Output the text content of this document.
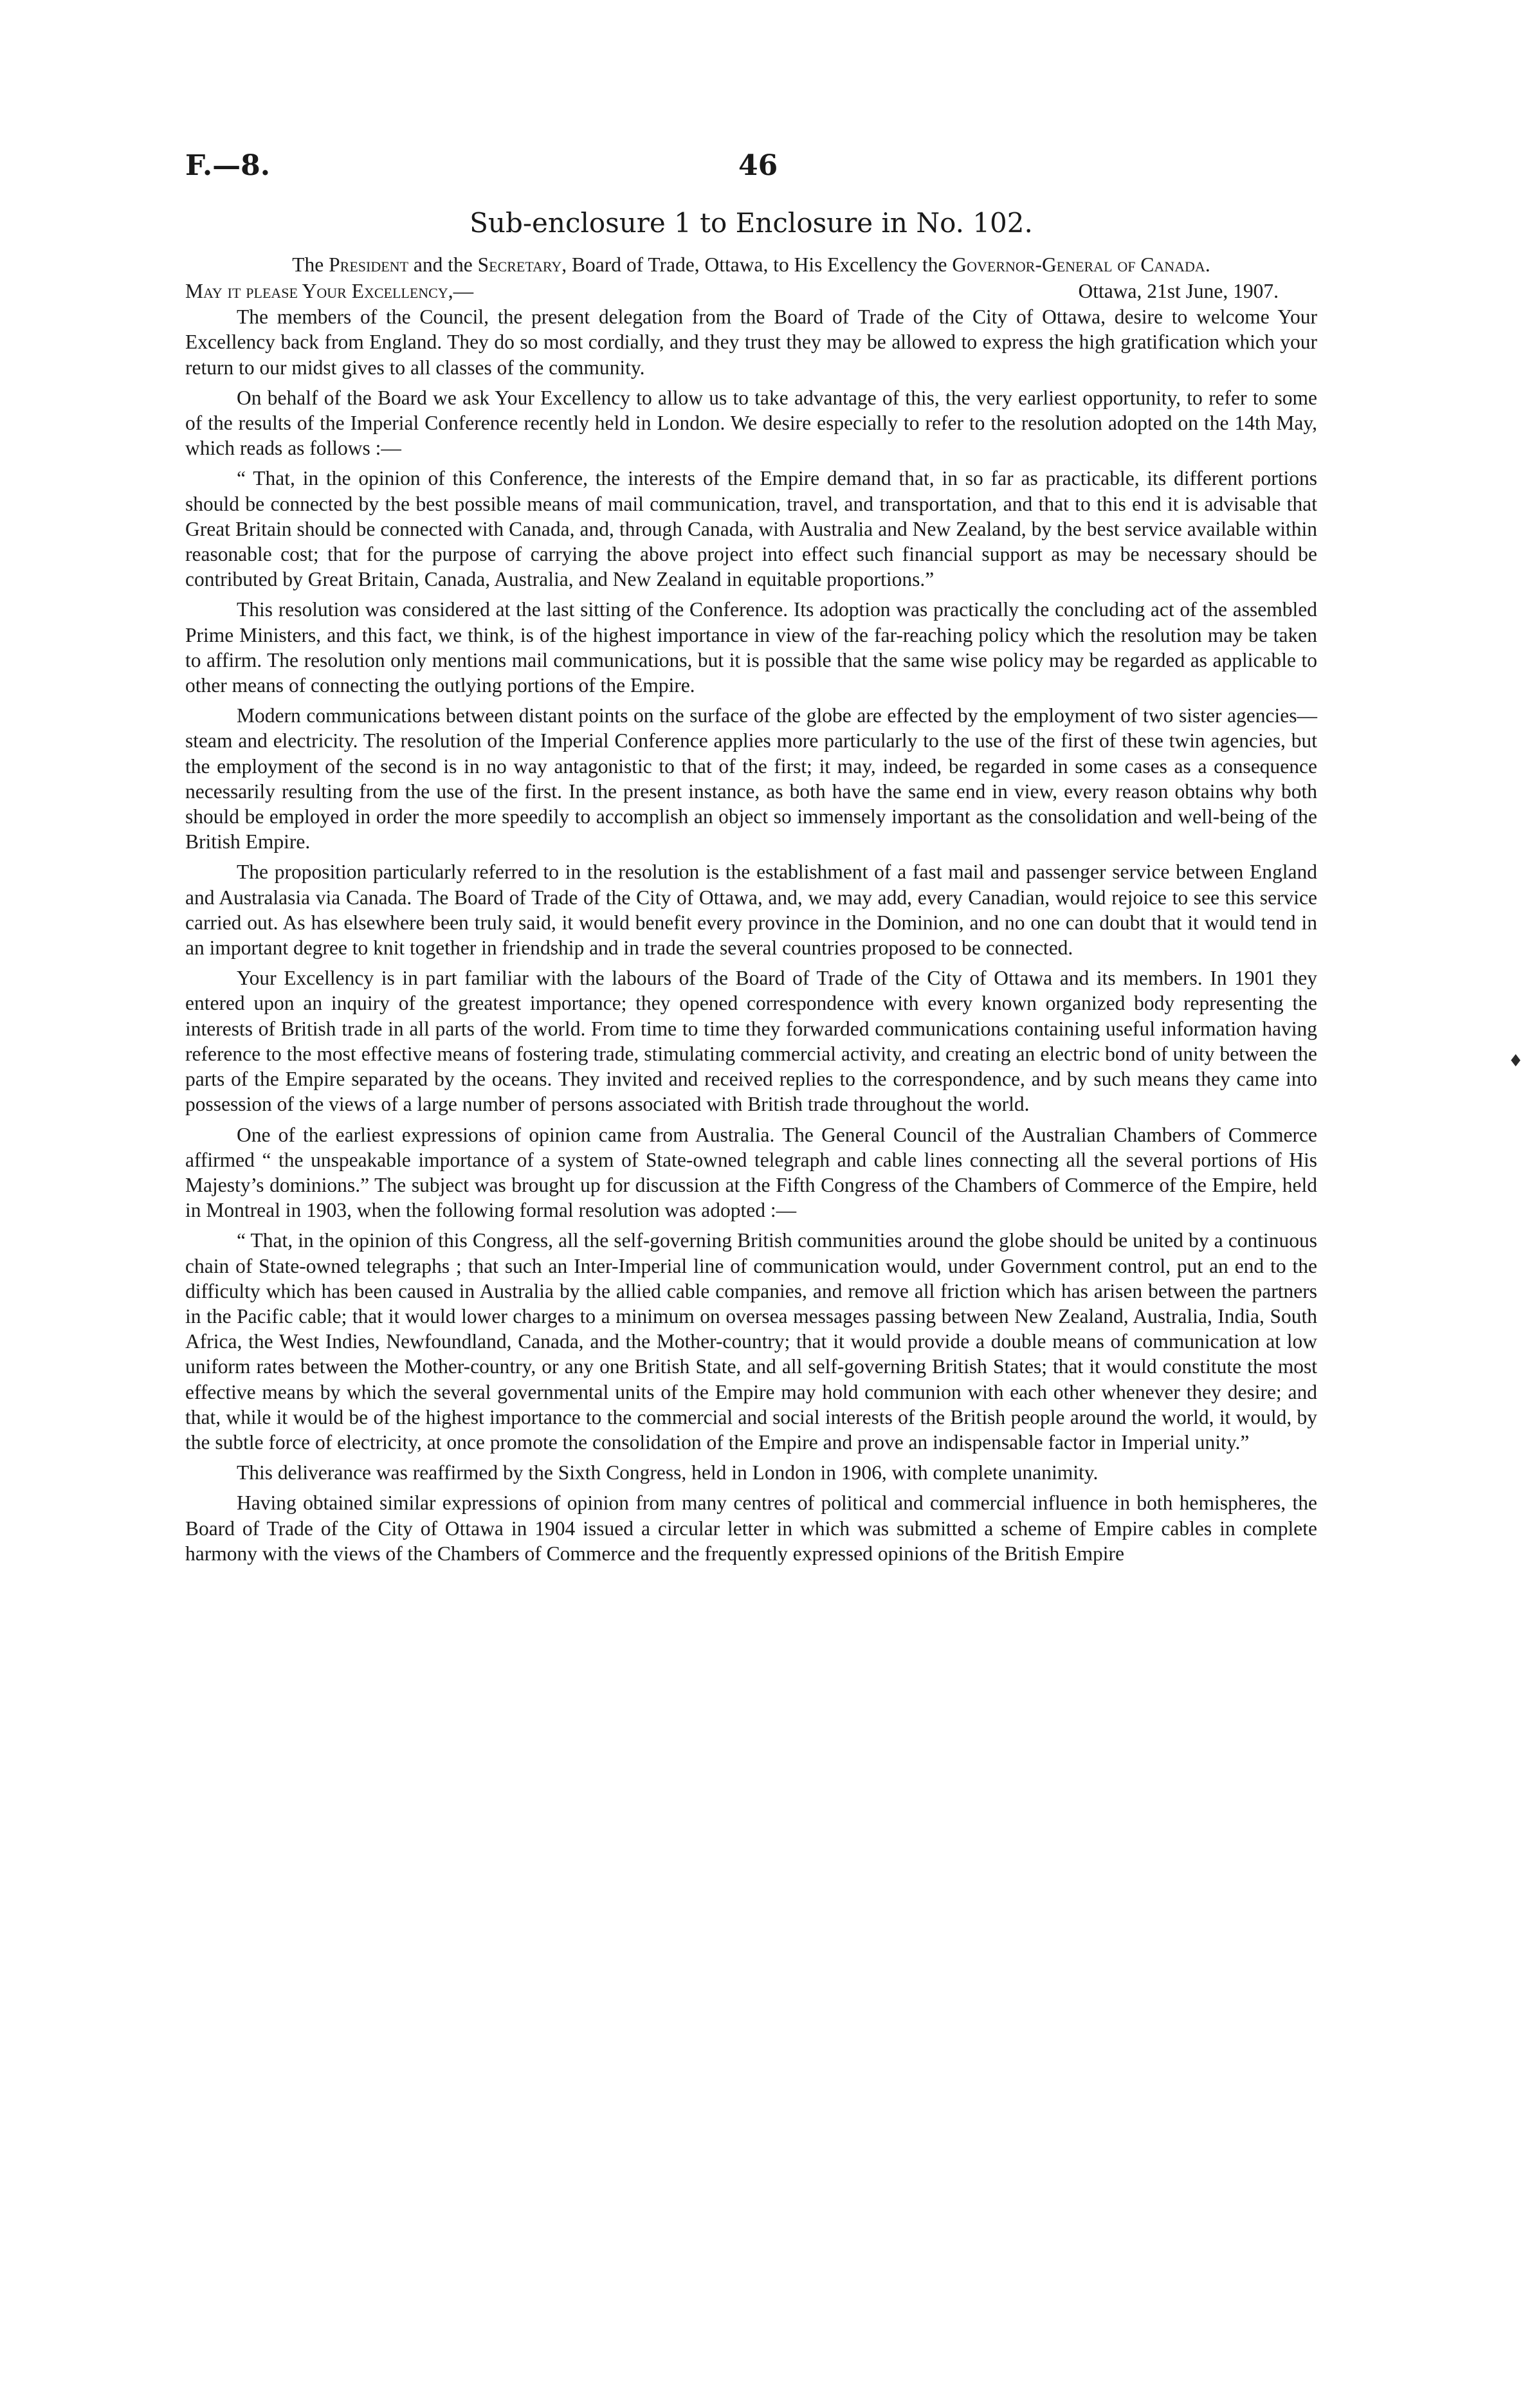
F.—8.	46
Sub-enclosure 1 to Enclosure in No. 102.
The President and the Secretary, Board of Trade, Ottawa, to His Excellency the Governor-General of Canada.
May it please Your Excellency,—	Ottawa, 21st June, 1907.

The members of the Council, the present delegation from the Board of Trade of the City of Ottawa, desire to welcome Your Excellency back from England. They do so most cordially, and they trust they may be allowed to express the high gratification which your return to our midst gives to all classes of the community.

On behalf of the Board we ask Your Excellency to allow us to take advantage of this, the very earliest opportunity, to refer to some of the results of the Imperial Conference recently held in London. We desire especially to refer to the resolution adopted on the 14th May, which reads as follows :—

“ That, in the opinion of this Conference, the interests of the Empire demand that, in so far as practicable, its different portions should be connected by the best possible means of mail communication, travel, and transportation, and that to this end it is advisable that Great Britain should be connected with Canada, and, through Canada, with Australia and New Zealand, by the best service available within reasonable cost; that for the purpose of carrying the above project into effect such financial support as may be necessary should be contributed by Great Britain, Canada, Australia, and New Zealand in equitable proportions.”

This resolution was considered at the last sitting of the Conference. Its adoption was practically the concluding act of the assembled Prime Ministers, and this fact, we think, is of the highest importance in view of the far-reaching policy which the resolution may be taken to affirm. The resolution only mentions mail communications, but it is possible that the same wise policy may be regarded as applicable to other means of connecting the outlying portions of the Empire.

Modern communications between distant points on the surface of the globe are effected by the employment of two sister agencies—steam and electricity. The resolution of the Imperial Conference applies more particularly to the use of the first of these twin agencies, but the employment of the second is in no way antagonistic to that of the first; it may, indeed, be regarded in some cases as a consequence necessarily resulting from the use of the first. In the present instance, as both have the same end in view, every reason obtains why both should be employed in order the more speedily to accomplish an object so immensely important as the consolidation and well-being of the British Empire.

The proposition particularly referred to in the resolution is the establishment of a fast mail and passenger service between England and Australasia via Canada. The Board of Trade of the City of Ottawa, and, we may add, every Canadian, would rejoice to see this service carried out. As has elsewhere been truly said, it would benefit every province in the Dominion, and no one can doubt that it would tend in an important degree to knit together in friendship and in trade the several countries proposed to be connected.

Your Excellency is in part familiar with the labours of the Board of Trade of the City of Ottawa and its members. In 1901 they entered upon an inquiry of the greatest importance; they opened correspondence with every known organized body representing the interests of British trade in all parts of the world. From time to time they forwarded communications containing useful information having reference to the most effective means of fostering trade, stimulating commercial activity, and creating an electric bond of unity between the parts of the Empire separated by the oceans. They invited and received replies to the correspondence, and by such means they came into possession of the views of a large number of persons associated with British trade throughout the world.

One of the earliest expressions of opinion came from Australia. The General Council of the Australian Chambers of Commerce affirmed “ the unspeakable importance of a system of State-owned telegraph and cable lines connecting all the several portions of His Majesty’s dominions.” The subject was brought up for discussion at the Fifth Congress of the Chambers of Commerce of the Empire, held in Montreal in 1903, when the following formal resolution was adopted :—

“ That, in the opinion of this Congress, all the self-governing British communities around the globe should be united by a continuous chain of State-owned telegraphs ; that such an Inter-Imperial line of communication would, under Government control, put an end to the difficulty which has been caused in Australia by the allied cable companies, and remove all friction which has arisen between the partners in the Pacific cable; that it would lower charges to a minimum on oversea messages passing between New Zealand, Australia, India, South Africa, the West Indies, Newfoundland, Canada, and the Mother-country; that it would provide a double means of communication at low uniform rates between the Mother-country, or any one British State, and all self-governing British States; that it would constitute the most effective means by which the several governmental units of the Empire may hold communion with each other whenever they desire; and that, while it would be of the highest importance to the commercial and social interests of the British people around the world, it would, by the subtle force of electricity, at once promote the consolidation of the Empire and prove an indispensable factor in Imperial unity.”

This deliverance was reaffirmed by the Sixth Congress, held in London in 1906, with complete unanimity.

Having obtained similar expressions of opinion from many centres of political and commercial influence in both hemispheres, the Board of Trade of the City of Ottawa in 1904 issued a circular letter in which was submitted a scheme of Empire cables in complete harmony with the views of the Chambers of Commerce and the frequently expressed opinions of the British Empire

♦
